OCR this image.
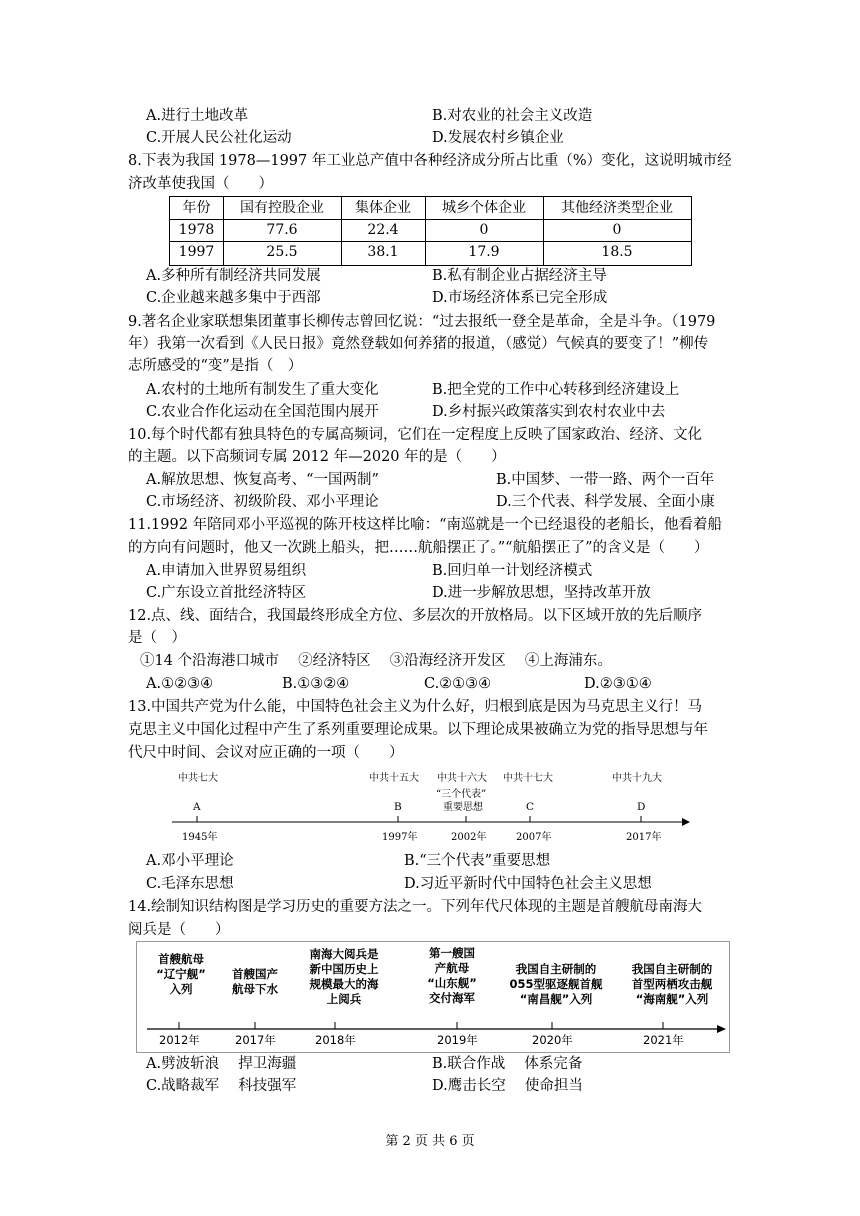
A.进行土地改革	B.对农业的社会主义改造
C.开展人民公社化运动	D.发展农村乡镇企业
8.下表为我国 1978—1997 年工业总产值中各种经济成分所占比重（%）变化，这说明城市经
济改革使我国（　　）
年份	国有控股企业	集体企业	城乡个体企业	其他经济类型企业
1978	77.6	22.4	0	0
1997	25.5	38.1	17.9	18.5
A.多种所有制经济共同发展	B.私有制企业占据经济主导
C.企业越来越多集中于西部	D.市场经济体系已完全形成
9.著名企业家联想集团董事长柳传志曾回忆说：“过去报纸一登全是革命，全是斗争。（1979
年）我第一次看到《人民日报》竟然登载如何养猪的报道，（感觉）气候真的要变了！”柳传
志所感受的“变”是指（　）
A.农村的土地所有制发生了重大变化	B.把全党的工作中心转移到经济建设上
C.农业合作化运动在全国范围内展开	D.乡村振兴政策落实到农村农业中去
10.每个时代都有独具特色的专属高频词，它们在一定程度上反映了国家政治、经济、文化
的主题。以下高频词专属 2012 年—2020 年的是（　　）
A.解放思想、恢复高考、“一国两制”	B.中国梦、一带一路、两个一百年
C.市场经济、初级阶段、邓小平理论	D.三个代表、科学发展、全面小康
11.1992 年陪同邓小平巡视的陈开枝这样比喻：“南巡就是一个已经退役的老船长，他看着船
的方向有问题时，他又一次跳上船头，把……航船摆正了。”“航船摆正了”的含义是（　　）
A.申请加入世界贸易组织	B.回归单一计划经济模式
C.广东设立首批经济特区	D.进一步解放思想，坚持改革开放
12.点、线、面结合，我国最终形成全方位、多层次的开放格局。以下区域开放的先后顺序
是（　）
①14 个沿海港口城市　 ②经济特区　 ③沿海经济开发区　 ④上海浦东。
A.①②③④	B.①③②④	C.②①③④	D.②③①④
13.中国共产党为什么能，中国特色社会主义为什么好，归根到底是因为马克思主义行！马
克思主义中国化过程中产生了系列重要理论成果。以下理论成果被确立为党的指导思想与年
代尺中时间、会议对应正确的一项（　　）
中共七大	中共十五大 中共十六大 中共十七大	中共十九大
“三个代表”
重要思想
A	B	C	D
1945年	1997年	2002年	2007年	2017年
A.邓小平理论	B.“三个代表”重要思想
C.毛泽东思想	D.习近平新时代中国特色社会主义思想
14.绘制知识结构图是学习历史的重要方法之一。下列年代尺体现的主题是首艘航母南海大
阅兵是（　　）
首艘航母
“辽宁舰”
入列
首艘国产
航母下水
南海大阅兵是
新中国历史上
规模最大的海
上阅兵
第一艘国
产航母
“山东舰”
交付海军
我国自主研制的
055型驱逐舰首舰
“南昌舰”入列
我国自主研制的
首型两栖攻击舰
“海南舰”入列
2012年	2017年	2018年	2019年	2020年	2021年
A.劈波斩浪　 捍卫海疆	B.联合作战　 体系完备
C.战略裁军　 科技强军	D.鹰击长空　 使命担当
第 2 页 共 6 页
